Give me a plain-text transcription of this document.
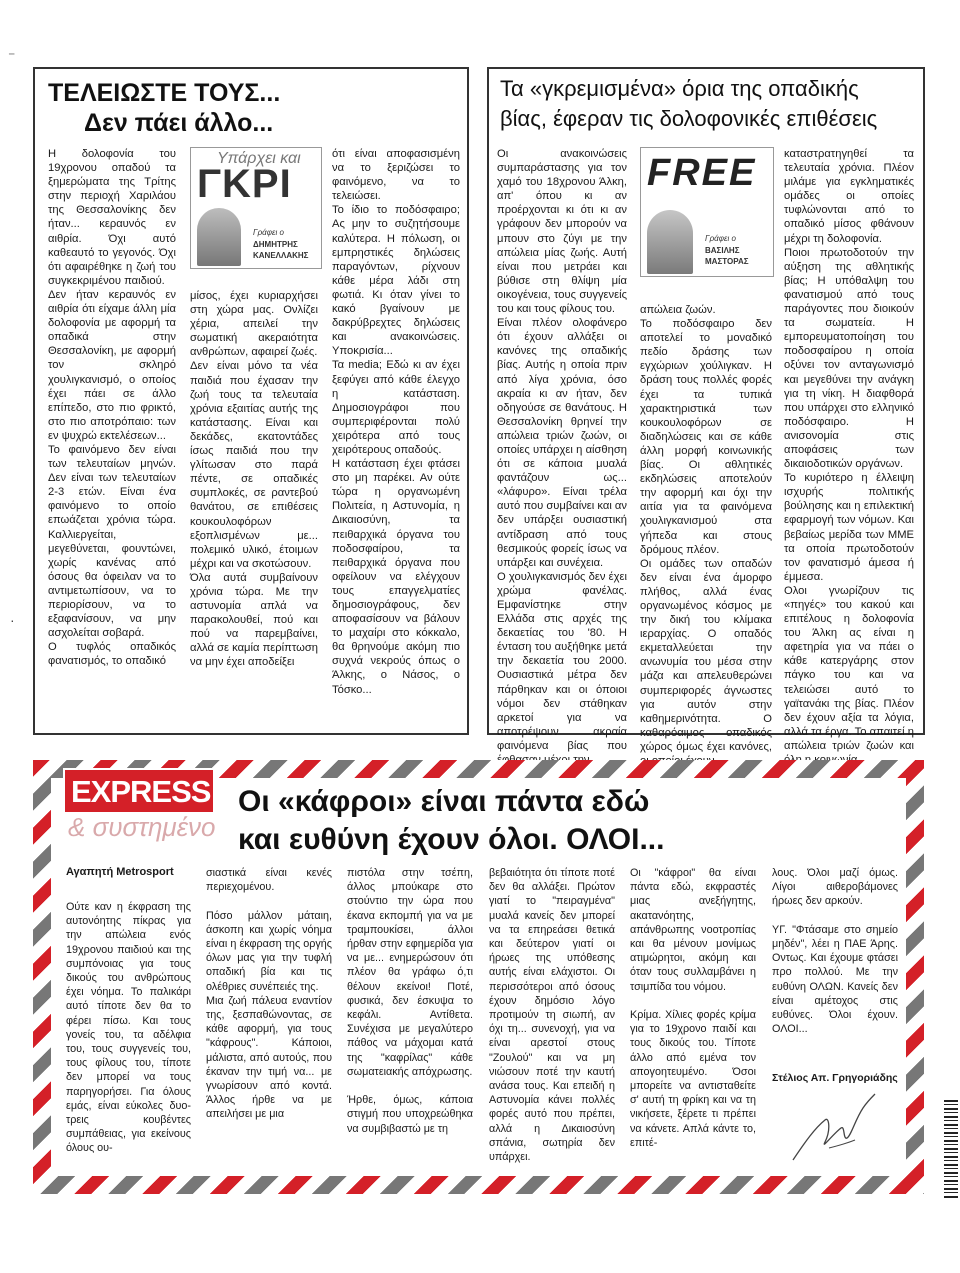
ΤΕΛΕΙΩΣΤΕ ΤΟΥΣ...
Δεν πάει άλλο...
Υπάρχει και
ΓΚΡΙ
Γράφει ο
ΔΗΜΗΤΡΗΣ
ΚΑΝΕΛΛΑΚΗΣ
Η δολοφονία του 19χρονου οπαδού τα ξημερώματα της Τρίτης στην περιοχή Χαριλάου της Θεσσαλονίκης δεν ήταν... κεραυνός εν αιθρία. Όχι αυτό καθεαυτό το γεγονός. Όχι ότι αφαιρέθηκε η ζωή του συγκεκριμένου παιδιού.
Δεν ήταν κεραυνός εν αιθρία ότι είχαμε άλλη μία δολοφονία με αφορμή τα οπαδικά στην Θεσσαλονίκη, με αφορμή τον σκληρό χουλιγκανισμό, ο οποίος έχει πάει σε άλλο επίπεδο, στο πιο φρικτό, στο πιο αποτρόπαιο: των εν ψυχρώ εκτελέσεων...
Το φαινόμενο δεν είναι των τελευταίων μηνών. Δεν είναι των τελευταίων 2-3 ετών. Είναι ένα φαινόμενο το οποίο επωάζεται χρόνια τώρα. Καλλιεργείται, μεγεθύνεται, φουντώνει, χωρίς κανένας από όσους θα όφειλαν να το αντιμετωπίσουν, να το περιορίσουν, να το εξαφανίσουν, να μην ασχολείται σοβαρά.
Ο τυφλός οπαδικός φανατισμός, το οπαδικό
μίσος, έχει κυριαρχήσει στη χώρα μας. Ονλίζει χέρια, απειλεί την σωματική ακεραιότητα ανθρώπων, αφαιρεί ζωές.
Δεν είναι μόνο τα νέα παιδιά που έχασαν την ζωή τους τα τελευταία χρόνια εξαιτίας αυτής της κατάστασης. Είναι και δεκάδες, εκατοντάδες ίσως παιδιά που την γλίτωσαν στο παρά πέντε, σε οπαδικές συμπλοκές, σε ραντεβού θανάτου, σε επιθέσεις κουκουλοφόρων εξοπλισμένων με... πολεμικό υλικό, έτοιμων μέχρι και να σκοτώσουν.
Όλα αυτά συμβαίνουν χρόνια τώρα. Με την αστυνομία απλά να παρακολουθεί, πού και πού να παρεμβαίνει, αλλά σε καμία περίπτωση να μην έχει αποδείξει
ότι είναι αποφασισμένη να το ξεριζώσει το φαινόμενο, να το τελειώσει.
Το ίδιο το ποδόσφαιρο; Ας μην το συζητήσουμε καλύτερα. Η πόλωση, οι εμπρηστικές δηλώσεις παραγόντων, ρίχνουν κάθε μέρα λάδι στη φωτιά. Κι όταν γίνει το κακό βγαίνουν με δακρύβρεχτες δηλώσεις και ανακοινώσεις. Υποκρισία...
Τα media; Εδώ κι αν έχει ξεφύγει από κάθε έλεγχο η κατάσταση. Δημοσιογράφοι που συμπεριφέρονται πολύ χειρότερα από τους χειρότερους οπαδούς.
Η κατάσταση έχει φτάσει στο μη παρέκει. Αν ούτε τώρα η οργανωμένη Πολιτεία, η Αστυνομία, η Δικαιοσύνη, τα πειθαρχικά όργανα του ποδοσφαίρου, τα πειθαρχικά όργανα που οφείλουν να ελέγχουν τους επαγγελματίες δημοσιογράφους, δεν αποφασίσουν να βάλουν το μαχαίρι στο κόκκαλο, θα θρηνούμε ακόμη πιο συχνά νεκρούς όπως ο Άλκης, ο Νάσος, ο Τόσκο...
Τα «γκρεμισμένα» όρια της οπαδικής
βίας, έφεραν τις δολοφονικές επιθέσεις
FREE
Γράφει ο
ΒΑΣΙΛΗΣ
ΜΑΣΤΟΡΑΣ
Οι ανακοινώσεις συμπαράστασης για τον χαμό του 18χρονου Άλκη, απ' όπου κι αν προέρχονται κι ότι κι αν γράφουν δεν μπορούν να μπουν στο ζύγι με την απώλεια μίας ζωής. Αυτή είναι που μετράει και βύθισε στη θλίψη μία οικογένεια, τους συγγενείς του και τους φίλους του.
Είναι πλέον ολοφάνερο ότι έχουν αλλάξει οι κανόνες της οπαδικής βίας. Αυτής η οποία πριν από λίγα χρόνια, όσο ακραία κι αν ήταν, δεν οδηγούσε σε θανάτους. Η Θεσσαλονίκη θρηνεί την απώλεια τριών ζωών, οι οποίες υπάρχει η αίσθηση ότι σε κάποια μυαλά φαντάζουν ως... «λάφυρο». Είναι τρέλα αυτό που συμβαίνει και αν δεν υπάρξει ουσιαστική αντίδραση από τους θεσμικούς φορείς ίσως να υπάρξει και συνέχεια.
Ο χουλιγκανισμός δεν έχει χρώμα φανέλας. Εμφανίστηκε στην Ελλάδα στις αρχές της δεκαετίας του '80. Η ένταση του αυξήθηκε μετά την δεκαετία του 2000. Ουσιαστικά μέτρα δεν πάρθηκαν και οι όποιοι νόμοι δεν στάθηκαν αρκετοί για να αποτρέψουν ακραία φαινόμενα βίας που
απώλεια ζωών.
Το ποδόσφαιρο δεν αποτελεί το μοναδικό πεδίο δράσης των εγχώριων χούλιγκαν. Η δράση τους πολλές φορές έχει τα τυπικά χαρακτηριστικά των κουκουλοφόρων σε διαδηλώσεις και σε κάθε άλλη μορφή κοινωνικής βίας. Οι αθλητικές εκδηλώσεις αποτελούν την αφορμή και όχι την αιτία για τα φαινόμενα χουλιγκανισμού στα γήπεδα και στους δρόμους πλέον.
Οι ομάδες των οπαδών δεν είναι ένα άμορφο πλήθος, αλλά ένας οργανωμένος κόσμος με την δική του κλίμακα ιεραρχίας. Ο οπαδός εκμεταλλεύεται την ανωνυμία του μέσα στην μάζα και απελευθερώνει συμπεριφορές άγνωστες για αυτόν στην καθημερινότητα. Ο καθαρόαιμος οπαδικός χώρος όμως έχει κανόνες,
καταστρατηγηθεί τα τελευταία χρόνια. Πλέον μιλάμε για εγκληματικές ομάδες οι οποίες τυφλώνονται από το οπαδικό μίσος φθάνουν μέχρι τη δολοφονία.
Ποιοι πρωτοδοτούν την αύξηση της αθλητικής βίας; Η υπόθαλψη του φανατισμού από τους παράγοντες που διοικούν τα σωματεία. Η εμπορευματοποίηση του ποδοσφαίρου η οποία οξύνει τον ανταγωνισμό και μεγεθύνει την ανάγκη για τη νίκη. Η διαφθορά που υπάρχει στο ελληνικό ποδόσφαιρο. Η ανισονομία στις αποφάσεις των δικαιοδοτικών οργάνων.
Το κυριότερο η έλλειψη ισχυρής πολιτικής βούλησης και η επιλεκτική εφαρμογή των νόμων. Και βεβαίως μερίδα των ΜΜΕ τα οποία πρωτοδοτούν τον φανατισμό άμεσα ή έμμεσα.
Ολοι γνωρίζουν τις «πηγές» του κακού και επιτέλους η δολοφονία του Άλκη ας είναι η αφετηρία για να πάει ο κάθε κατεργάρης στον πάγκο του και να τελειώσει αυτό το γαϊτανάκι της βίας. Πλέον δεν έχουν αξία τα λόγια, αλλά τα έργα. Το απαιτεί η απώλεια τριών ζωών και
EXPRESS
& συστημένο
Οι «κάφροι» είναι πάντα εδώ
και ευθύνη έχουν όλοι. ΟΛΟΙ...
Αγαπητή Metrosport
Ούτε καν η έκφραση της αυτονόητης πίκρας για την απώλεια ενός 19χρονου παιδιού και της συμπόνοιας για τους δικούς του ανθρώπους έχει νόημα. Το παλικάρι αυτό τίποτε δεν θα το φέρει πίσω. Και τους γονείς του, τα αδέλφια του, τους συγγενείς του, τους φίλους του, τίποτε δεν μπορεί να τους παρηγορήσει. Για όλους εμάς, είναι εύκολες δυο-τρεις κουβέντες συμπάθειας, για εκείνους όλους ου-
σιαστικά είναι κενές περιεχομένου.

Πόσο μάλλον μάταιη, άσκοπη και χωρίς νόημα είναι η έκφραση της οργής όλων μας για την τυφλή οπαδική βία και τις ολέθριες συνέπειές της.
Μια ζωή πάλευα εναντίον της, ξεσπαθώνοντας, σε κάθε αφορμή, για τους "κάφρους". Κάποιοι, μάλιστα, από αυτούς, που έκαναν την τιμή να... με γνωρίσουν από κοντά. Άλλος ήρθε να με απειλήσει με μια
πιστόλα στην τσέπη, άλλος μπούκαρε στο στούντιο την ώρα που έκανα εκπομπή για να με τραμπουκίσει, άλλοι ήρθαν στην εφημερίδα για να με... ενημερώσουν ότι πλέον θα γράφω ό,τι θέλουν εκείνοι! Ποτέ, φυσικά, δεν έσκυψα το κεφάλι. Αντίθετα. Συνέχισα με μεγαλύτερο πάθος να μάχομαι κατά της "καφρίλας" κάθε σωματειακής απόχρωσης.

Ήρθε, όμως, κάποια στιγμή που υποχρεώθηκα να συμβιβαστώ με τη
βεβαιότητα ότι τίποτε ποτέ δεν θα αλλάξει. Πρώτον γιατί το "πειραγμένα" μυαλά κανείς δεν μπορεί να τα επηρεάσει θετικά και δεύτερον γιατί οι ήρωες της υπόθεσης αυτής είναι ελάχιστοι. Οι περισσότεροι από όσους έχουν δημόσιο λόγο προτιμούν τη σιωπή, αν όχι τη... συνενοχή, για να είναι αρεστοί στους "Ζουλού" και να μη νιώσουν ποτέ την καυτή ανάσα τους. Και επειδή η Αστυνομία κάνει πολλές φορές αυτό που πρέπει, αλλά η Δικαιοσύνη σπάνια, σωτηρία δεν υπάρχει.
Οι "κάφροι" θα είναι πάντα εδώ, εκφραστές μιας ανεξήγητης, ακατανόητης, απάνθρωπης νοοτροπίας και θα μένουν μονίμως ατιμώρητοι, ακόμη και όταν τους συλλαμβάνει η τσιμπίδα του νόμου.

Κρίμα. Χίλιες φορές κρίμα για το 19χρονο παιδί και τους δικούς του. Τίποτε άλλο από εμένα τον απογοητευμένο. Όσοι μπορείτε να αντισταθείτε σ' αυτή τη φρίκη και να τη νικήσετε, ξέρετε τι πρέπει να κάνετε. Απλά κάντε το, επιτέ-
λους. Όλοι μαζί όμως. Λίγοι αιθεροβάμονες ήρωες δεν αρκούν.

ΥΓ. "Φτάσαμε στο σημείο μηδέν", λέει η ΠΑΕ Άρης. Οντως. Και έχουμε φτάσει προ πολλού. Με την ευθύνη ΟΛΩΝ. Κανείς δεν είναι αμέτοχος στις ευθύνες. Όλοι έχουν. ΟΛΟΙ...
Στέλιος Απ. Γρηγοριάδης
⁻
·
